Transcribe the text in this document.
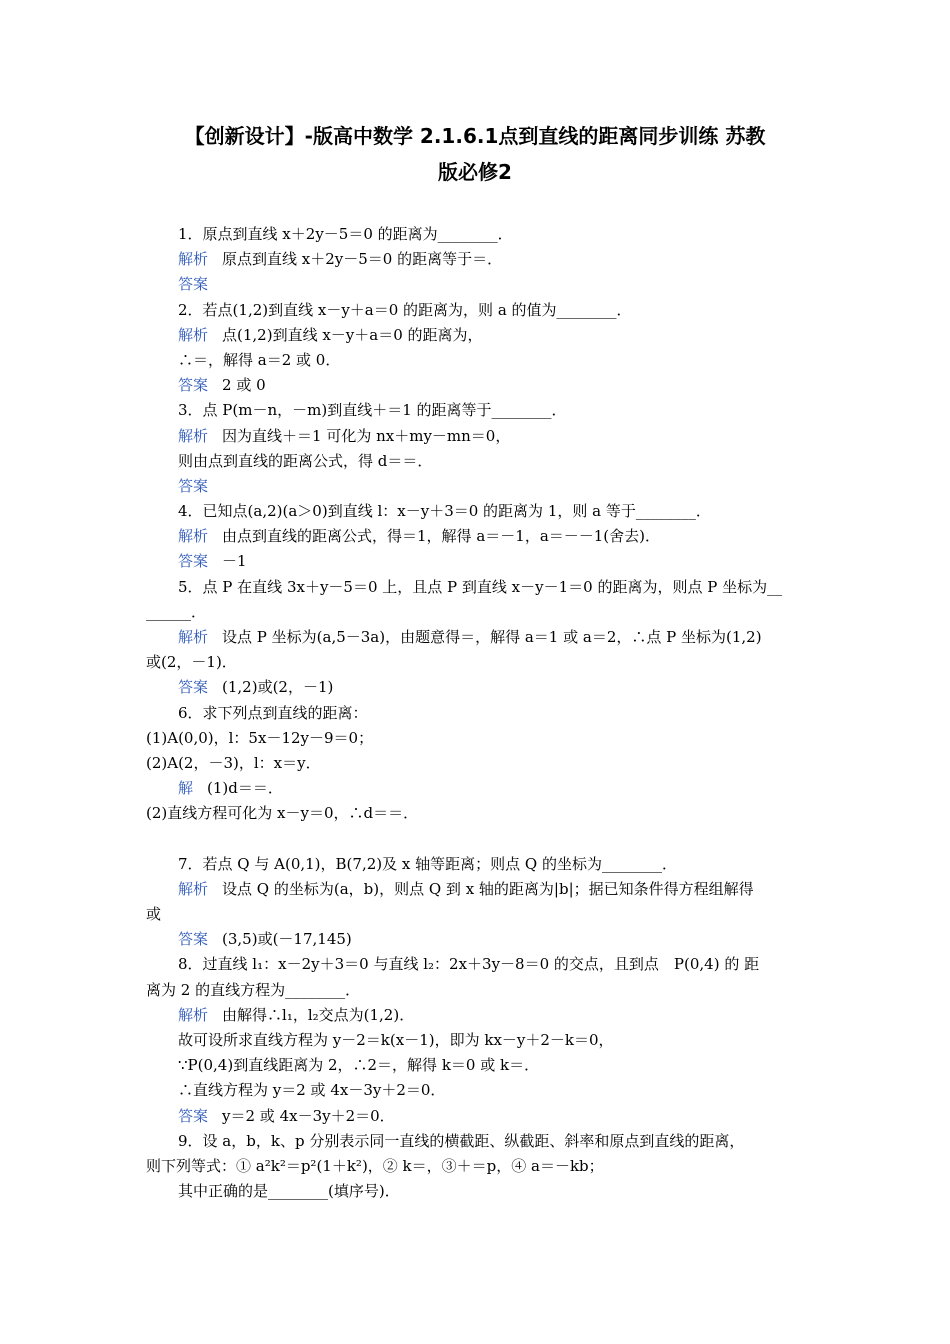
【创新设计】-版高中数学 2.1.6.1点到直线的距离同步训练 苏教
版必修2
1．原点到直线 x＋2y－5＝0 的距离为________．
解析 原点到直线 x＋2y－5＝0 的距离等于＝．
答案
2．若点(1,2)到直线 x－y＋a＝0 的距离为，则 a 的值为________．
解析 点(1,2)到直线 x－y＋a＝0 的距离为，
∴＝，解得 a＝2 或 0．
答案 2 或 0
3．点 P(m－n，－m)到直线＋＝1 的距离等于________．
解析 因为直线＋＝1 可化为 nx＋my－mn＝0，
则由点到直线的距离公式，得 d＝＝．
答案
4．已知点(a,2)(a＞0)到直线 l：x－y＋3＝0 的距离为 1，则 a 等于________．
解析 由点到直线的距离公式，得＝1，解得 a＝－1，a＝－－1(舍去)．
答案 －1
5．点 P 在直线 3x＋y－5＝0 上，且点 P 到直线 x－y－1＝0 的距离为，则点 P 坐标为__
______．
解析 设点 P 坐标为(a,5－3a)，由题意得＝，解得 a＝1 或 a＝2，∴点 P 坐标为(1,2)
或(2，－1)．
答案 (1,2)或(2，－1)
6．求下列点到直线的距离：
(1)A(0,0)，l：5x－12y－9＝0；
(2)A(2，－3)，l：x＝y．
解 (1)d＝＝．
(2)直线方程可化为 x－y＝0，∴d＝＝．
7．若点 Q 与 A(0,1)，B(7,2)及 x 轴等距离；则点 Q 的坐标为________．
解析 设点 Q 的坐标为(a，b)，则点 Q 到 x 轴的距离为|b|；据已知条件得方程组解得
或
答案 (3,5)或(－17,145)
8．过直线 l₁：x－2y＋3＝0 与直线 l₂：2x＋3y－8＝0 的交点，且到点　P(0,4) 的 距
离为 2 的直线方程为________．
解析 由解得∴l₁，l₂交点为(1,2)．
故可设所求直线方程为 y－2＝k(x－1)，即为 kx－y＋2－k＝0，
∵P(0,4)到直线距离为 2，∴2＝，解得 k＝0 或 k＝．
∴直线方程为 y＝2 或 4x－3y＋2＝0．
答案 y＝2 或 4x－3y＋2＝0．
9．设 a，b，k、p 分别表示同一直线的横截距、纵截距、斜率和原点到直线的距离，
则下列等式：① a²k²＝p²(1＋k²)，② k＝，③＋＝p，④ a＝－kb；
其中正确的是________(填序号)．
